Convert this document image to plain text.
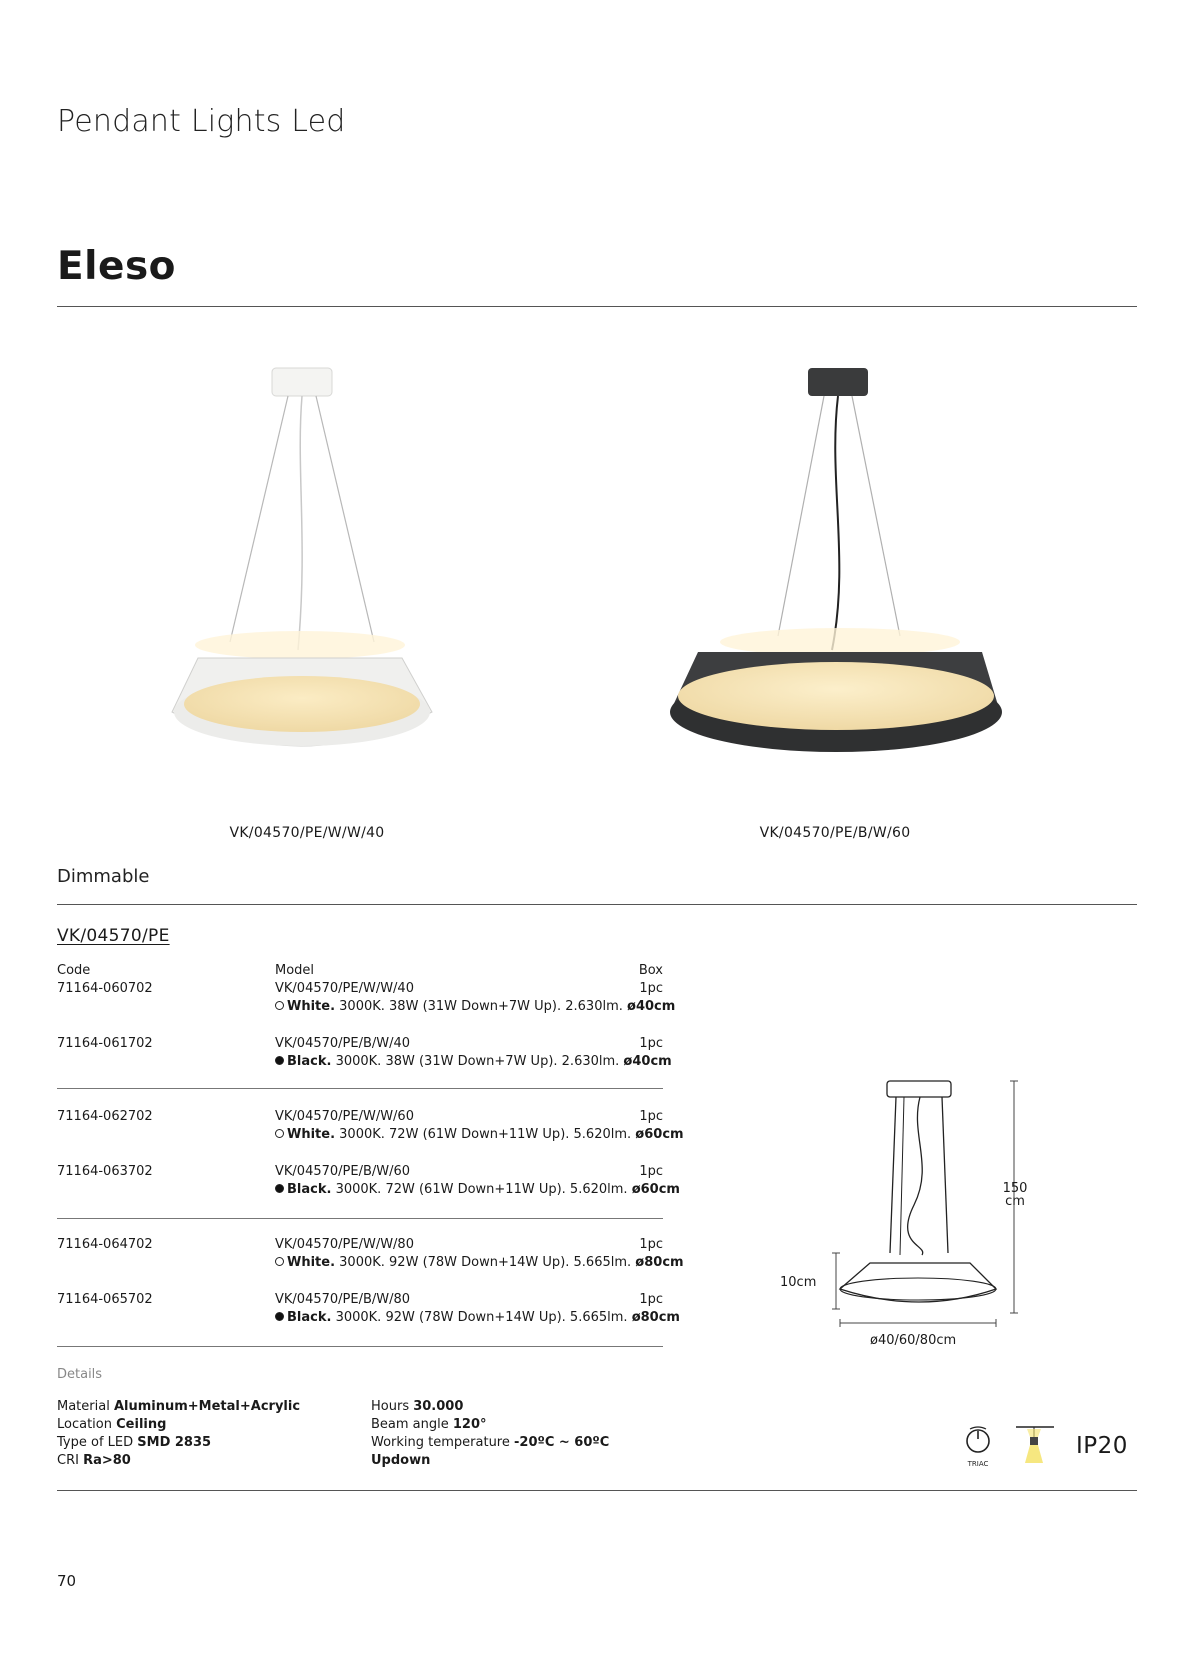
Pendant Lights Led
Eleso
VK/04570/PE/W/W/40	VK/04570/PE/B/W/60
Dimmable
VK/04570/PE
Code	Model	Box
71164-060702	VK/04570/PE/W/W/40	1pc
White. 3000K. 38W (31W Down+7W Up). 2.630lm. ø40cm
71164-061702	VK/04570/PE/B/W/40	1pc
Black. 3000K. 38W (31W Down+7W Up). 2.630lm. ø40cm
71164-062702	VK/04570/PE/W/W/60	1pc
White. 3000K. 72W (61W Down+11W Up). 5.620lm. ø60cm
71164-063702	VK/04570/PE/B/W/60	1pc
Black. 3000K. 72W (61W Down+11W Up). 5.620lm. ø60cm
71164-064702	VK/04570/PE/W/W/80	1pc
White. 3000K. 92W (78W Down+14W Up). 5.665lm. ø80cm
71164-065702	VK/04570/PE/B/W/80	1pc
Black. 3000K. 92W (78W Down+14W Up). 5.665lm. ø80cm
150
cm
10cm
ø40/60/80cm
Details
Material Aluminum+Metal+Acrylic
Location Ceiling
Type of LED SMD 2835
CRI Ra>80
Hours 30.000
Beam angle 120°
Working temperature -20ºC ~ 60ºC
Updown	TRIAC
IP20
70
